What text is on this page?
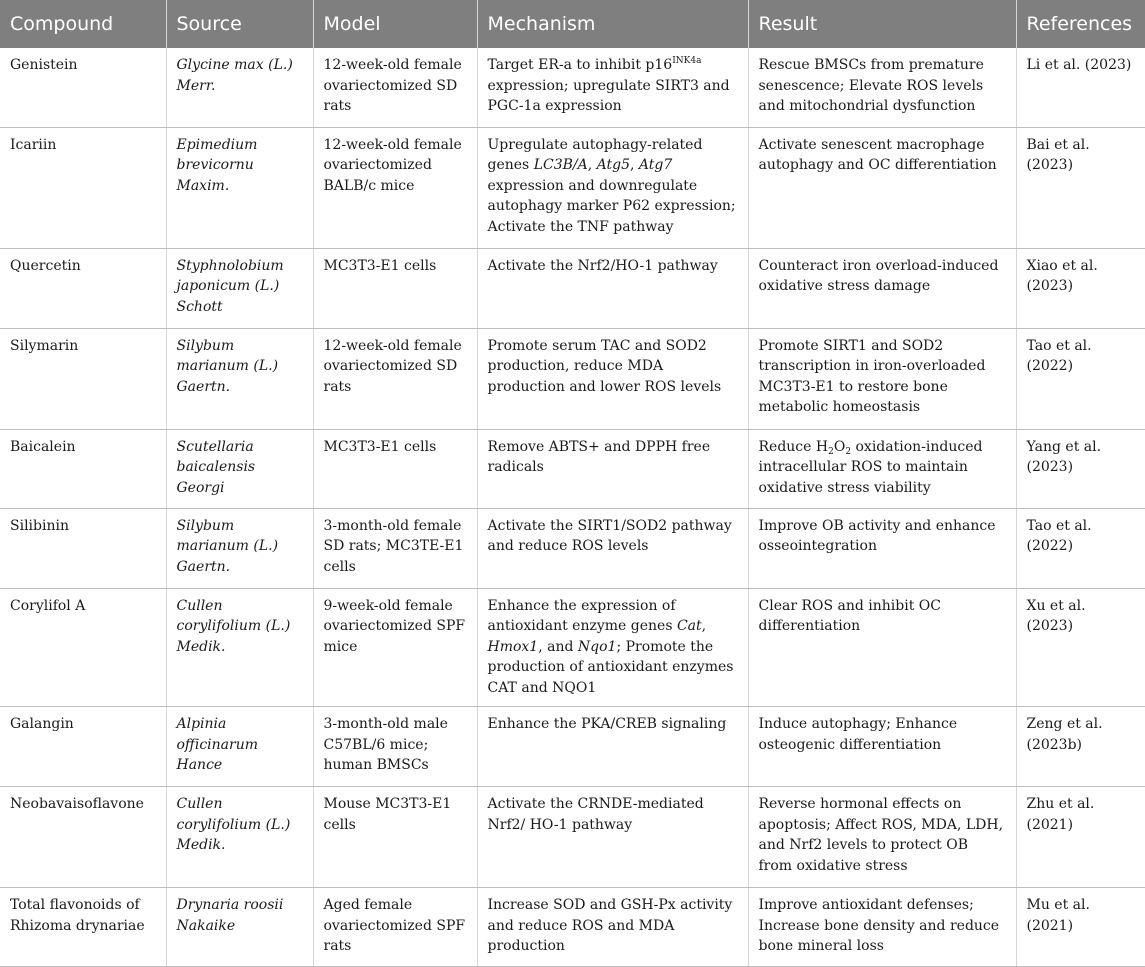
Compound	Source	Model	Mechanism	Result	References
Genistein	Glycine max (L.) Merr.	12-week-old female ovariectomized SD rats	Target ER-a to inhibit $p16^{INK4a}$ expression; upregulate SIRT3 and PGC-1a expression	Rescue BMSCs from premature senescence; Elevate ROS levels and mitochondrial dysfunction	Li et al. (2023)
Icariin	Epimedium brevicornu Maxim.	12-week-old female ovariectomized BALB/c mice	Upregulate autophagy-related genes LC3B/A, Atg5, Atg7 expression and downregulate autophagy marker P62 expression; Activate the TNF pathway	Activate senescent macrophage autophagy and OC differentiation	Bai et al. (2023)
Quercetin	Styphnolobium japonicum (L.) Schott	MC3T3-E1 cells	Activate the Nrf2/HO-1 pathway	Counteract iron overload-induced oxidative stress damage	Xiao et al. (2023)
Silymarin	Silybum marianum (L.) Gaertn.	12-week-old female ovariectomized SD rats	Promote serum TAC and SOD2 production, reduce MDA production and lower ROS levels	Promote SIRT1 and SOD2 transcription in iron-overloaded MC3T3-E1 to restore bone metabolic homeostasis	Tao et al. (2022)
Baicalein	Scutellaria baicalensis Georgi	MC3T3-E1 cells	Remove ABTS+ and DPPH free radicals	Reduce $H_2O_2$ oxidation-induced intracellular ROS to maintain oxidative stress viability	Yang et al. (2023)
Silibinin	Silybum marianum (L.) Gaertn.	3-month-old female SD rats; MC3TE-E1 cells	Activate the SIRT1/SOD2 pathway and reduce ROS levels	Improve OB activity and enhance osseointegration	Tao et al. (2022)
Corylifol A	Cullen corylifolium (L.) Medik.	9-week-old female ovariectomized SPF mice	Enhance the expression of antioxidant enzyme genes Cat, Hmox1, and Nqo1; Promote the production of antioxidant enzymes CAT and NQO1	Clear ROS and inhibit OC differentiation	Xu et al. (2023)
Galangin	Alpinia officinarum Hance	3-month-old male C57BL/6 mice; human BMSCs	Enhance the PKA/CREB signaling	Induce autophagy; Enhance osteogenic differentiation	Zeng et al. (2023b)
Neobavaisoflavone	Cullen corylifolium (L.) Medik.	Mouse MC3T3-E1 cells	Activate the CRNDE-mediated Nrf2/ HO-1 pathway	Reverse hormonal effects on apoptosis; Affect ROS, MDA, LDH, and Nrf2 levels to protect OB from oxidative stress	Zhu et al. (2021)
Total flavonoids of Rhizoma drynariae	Drynaria roosii Nakaike	Aged female ovariectomized SPF rats	Increase SOD and GSH-Px activity and reduce ROS and MDA production	Improve antioxidant defenses; Increase bone density and reduce bone mineral loss	Mu et al. (2021)
